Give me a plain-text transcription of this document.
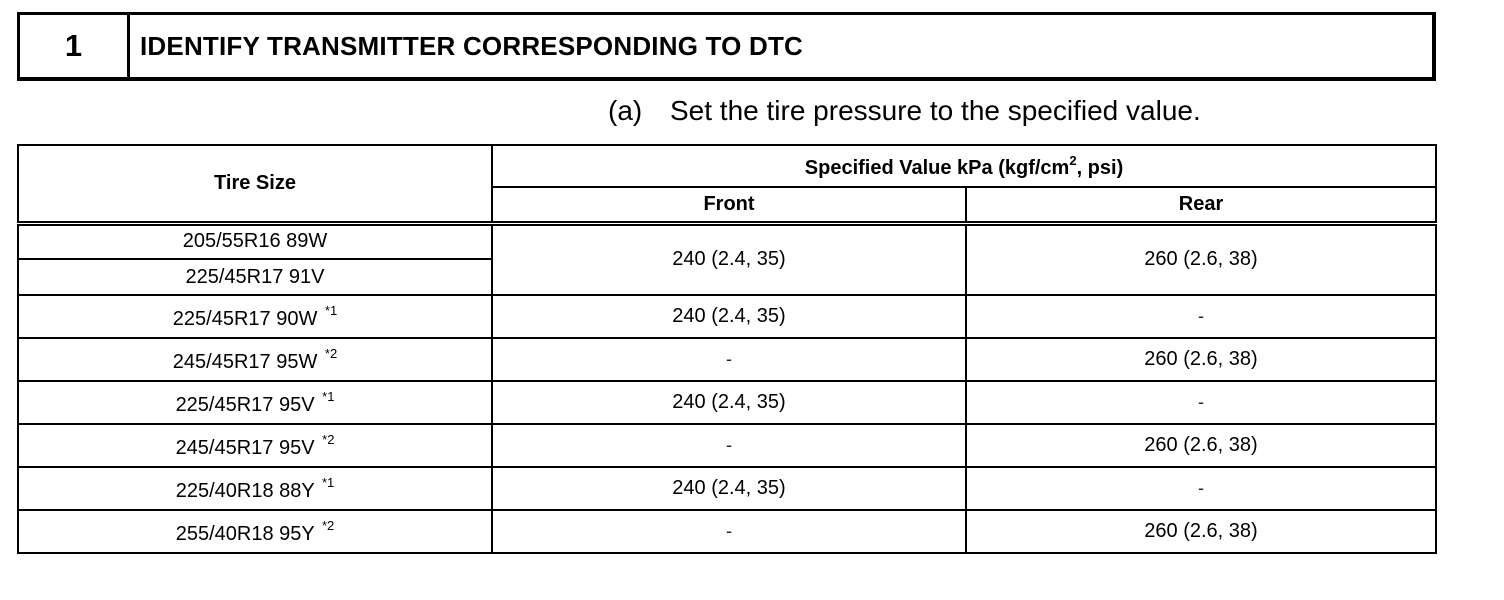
1	IDENTIFY TRANSMITTER CORRESPONDING TO DTC
(a) Set the tire pressure to the specified value.
Tire Size	Specified Value kPa ($kgf/cm^2$, psi)	
	Front	Rear
205/55R16 89W	240 (2.4, 35)	260 (2.6, 38)
225/45R17 91V		
225/45R17 90W $^{*1}$	240 (2.4, 35)	-
245/45R17 95W $^{*2}$	-	260 (2.6, 38)
225/45R17 95V $^{*1}$	240 (2.4, 35)	-
245/45R17 95V $^{*2}$	-	260 (2.6, 38)
225/40R18 88Y $^{*1}$	240 (2.4, 35)	-
255/40R18 95Y $^{*2}$	-	260 (2.6, 38)
